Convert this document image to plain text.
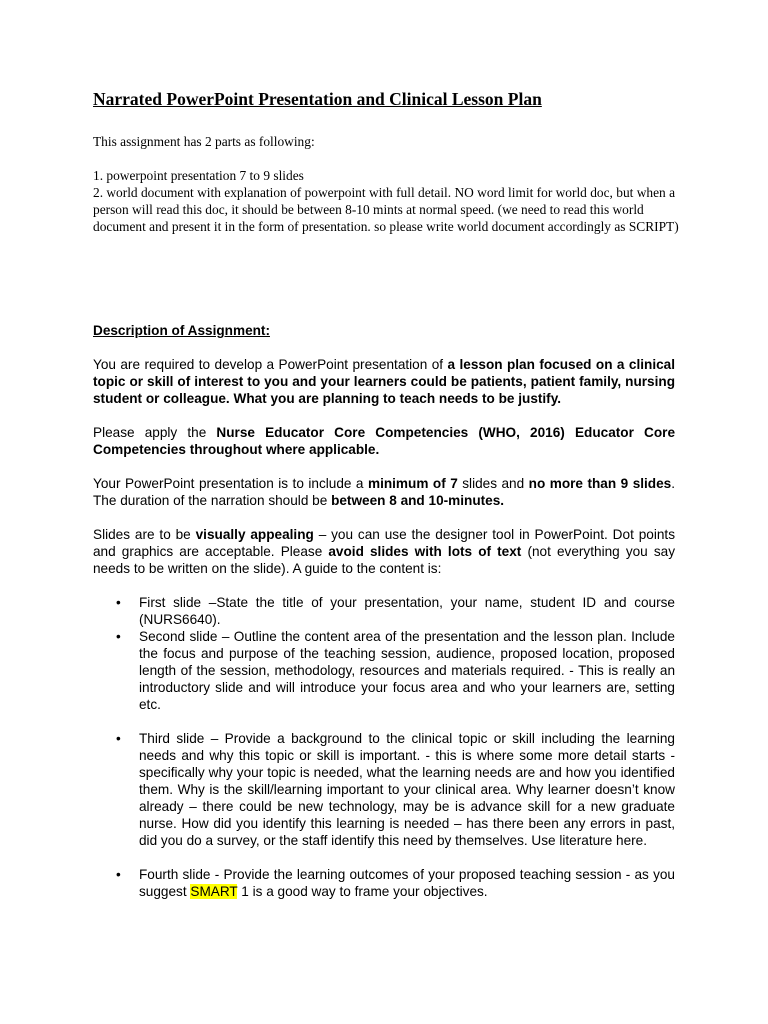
Narrated PowerPoint Presentation and Clinical Lesson Plan

This assignment has 2 parts as following:

1. powerpoint presentation 7 to 9 slides

2. world document with explanation of powerpoint with full detail. NO word limit for world doc, but when a person will read this doc, it should be between 8-10 mints at normal speed. (we need to read this world document and present it in the form of presentation. so please write world document accordingly as SCRIPT)

Description of Assignment:

You are required to develop a PowerPoint presentation of a lesson plan focused on a clinical topic or skill of interest to you and your learners could be patients, patient family, nursing student or colleague. What you are planning to teach needs to be justify.

Please apply the Nurse Educator Core Competencies (WHO, 2016) Educator Core Competencies throughout where applicable.

Your PowerPoint presentation is to include a minimum of 7 slides and no more than 9 slides. The duration of the narration should be between 8 and 10-minutes.

Slides are to be visually appealing – you can use the designer tool in PowerPoint. Dot points and graphics are acceptable. Please avoid slides with lots of text (not everything you say needs to be written on the slide). A guide to the content is:

• First slide –State the title of your presentation, your name, student ID and course (NURS6640).
• Second slide – Outline the content area of the presentation and the lesson plan. Include the focus and purpose of the teaching session, audience, proposed location, proposed length of the session, methodology, resources and materials required. - This is really an introductory slide and will introduce your focus area and who your learners are, setting etc.
• Third slide – Provide a background to the clinical topic or skill including the learning needs and why this topic or skill is important. - this is where some more detail starts - specifically why your topic is needed, what the learning needs are and how you identified them. Why is the skill/learning important to your clinical area. Why learner doesn’t know already – there could be new technology, may be is advance skill for a new graduate nurse. How did you identify this learning is needed – has there been any errors in past, did you do a survey, or the staff identify this need by themselves. Use literature here.
• Fourth slide - Provide the learning outcomes of your proposed teaching session - as you suggest SMART 1 is a good way to frame your objectives.
